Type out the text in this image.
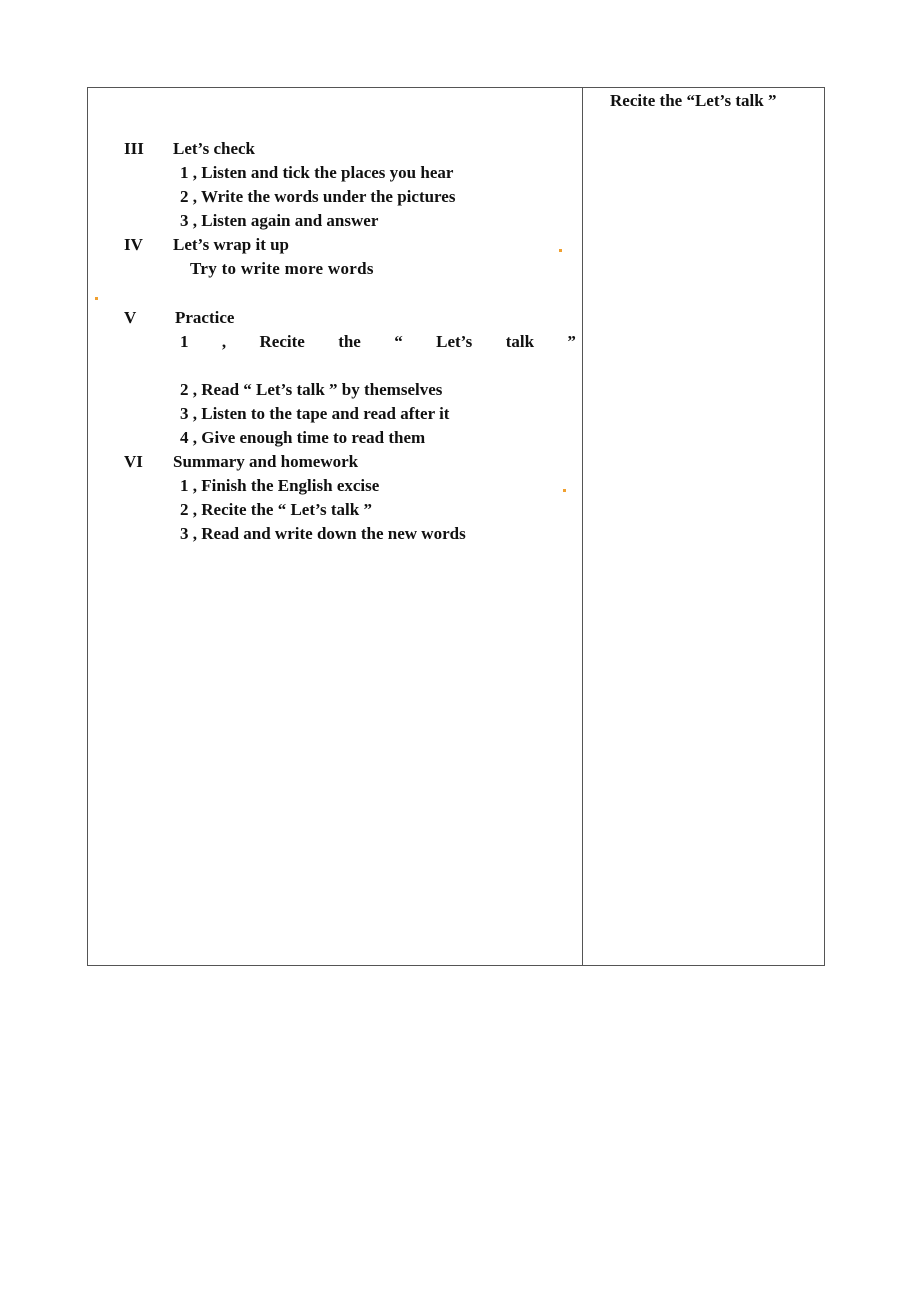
Recite the “Let’s talk ”
III Let’s check
1 , Listen and tick the places you hear
2 , Write the words under the pictures
3 , Listen again and answer
IV Let’s wrap it up
Try to write more words
V Practice
1 , Recite the “ Let’s talk ”
2 , Read “ Let’s talk ” by themselves
3 , Listen to the tape and read after it
4 , Give enough time to read them
VI Summary and homework
1 , Finish the English excise
2 , Recite the “ Let’s talk ”
3 , Read and write down the new words
